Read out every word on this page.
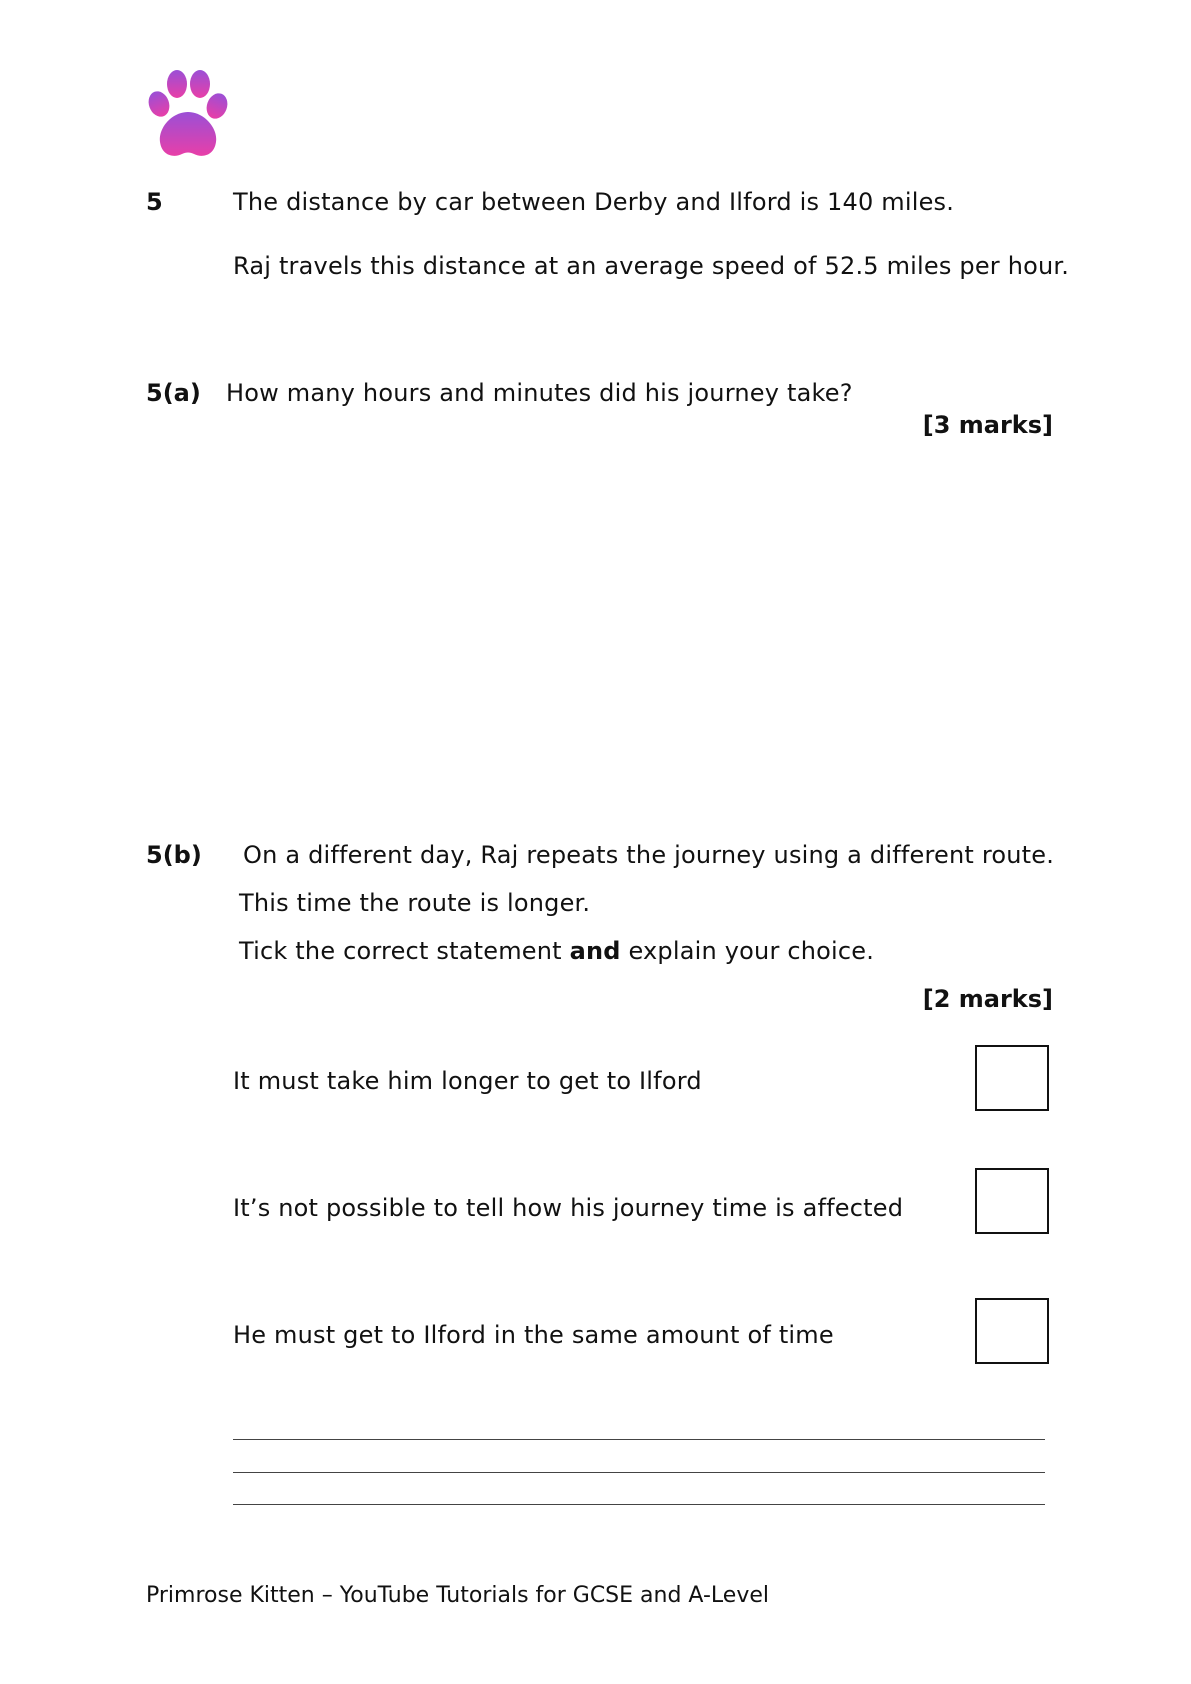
5	The distance by car between Derby and Ilford is 140 miles.
Raj travels this distance at an average speed of 52.5 miles per hour.
5(a) How many hours and minutes did his journey take?
[3 marks]
5(b) On a different day, Raj repeats the journey using a different route.
This time the route is longer.
Tick the correct statement and explain your choice.
[2 marks]
It must take him longer to get to Ilford
It’s not possible to tell how his journey time is affected
He must get to Ilford in the same amount of time
Primrose Kitten – YouTube Tutorials for GCSE and A-Level
